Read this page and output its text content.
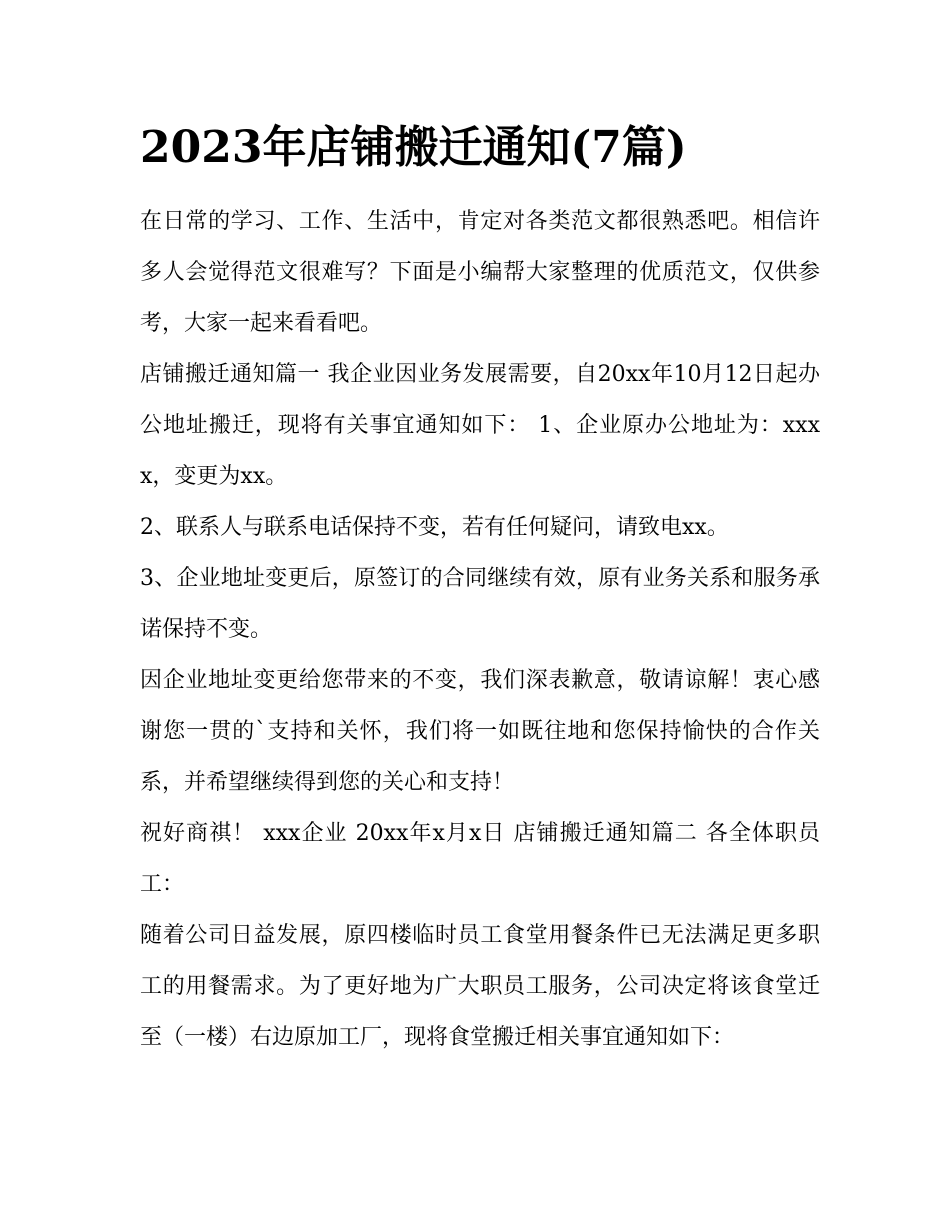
2023年店铺搬迁通知(7篇)

在日常的学习、工作、生活中，肯定对各类范文都很熟悉吧。相信许多人会觉得范文很难写？下面是小编帮大家整理的优质范文，仅供参考，大家一起来看看吧。

店铺搬迁通知篇一 我企业因业务发展需要，自20xx年10月12日起办公地址搬迁，现将有关事宜通知如下： 1、企业原办公地址为：xxxx，变更为xx。

2、联系人与联系电话保持不变，若有任何疑问，请致电xx。

3、企业地址变更后，原签订的合同继续有效，原有业务关系和服务承诺保持不变。

因企业地址变更给您带来的不变，我们深表歉意，敬请谅解！衷心感谢您一贯的`支持和关怀，我们将一如既往地和您保持愉快的合作关系，并希望继续得到您的关心和支持！

祝好商祺！ xxx企业 20xx年x月x日 店铺搬迁通知篇二 各全体职员工：

随着公司日益发展，原四楼临时员工食堂用餐条件已无法满足更多职工的用餐需求。为了更好地为广大职员工服务，公司决定将该食堂迁至（一楼）右边原加工厂，现将食堂搬迁相关事宜通知如下：
